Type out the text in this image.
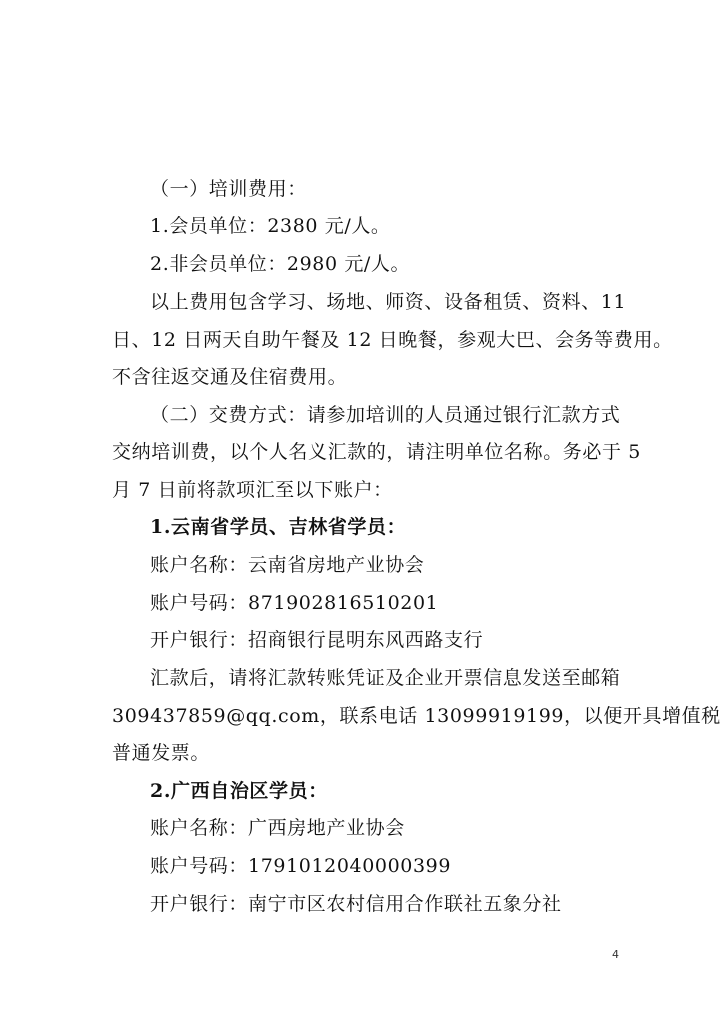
（一）培训费用：
1.会员单位：2380 元/人。
2.非会员单位：2980 元/人。
以上费用包含学习、场地、师资、设备租赁、资料、11
日、12 日两天自助午餐及 12 日晚餐，参观大巴、会务等费用。
不含往返交通及住宿费用。
（二）交费方式：请参加培训的人员通过银行汇款方式
交纳培训费，以个人名义汇款的，请注明单位名称。务必于 5
月 7 日前将款项汇至以下账户：
1.云南省学员、吉林省学员：
账户名称：云南省房地产业协会
账户号码：871902816510201
开户银行：招商银行昆明东风西路支行
汇款后，请将汇款转账凭证及企业开票信息发送至邮箱
309437859@qq.com，联系电话 13099919199，以便开具增值税
普通发票。
2.广西自治区学员：
账户名称：广西房地产业协会
账户号码：1791012040000399
开户银行：南宁市区农村信用合作联社五象分社
4
